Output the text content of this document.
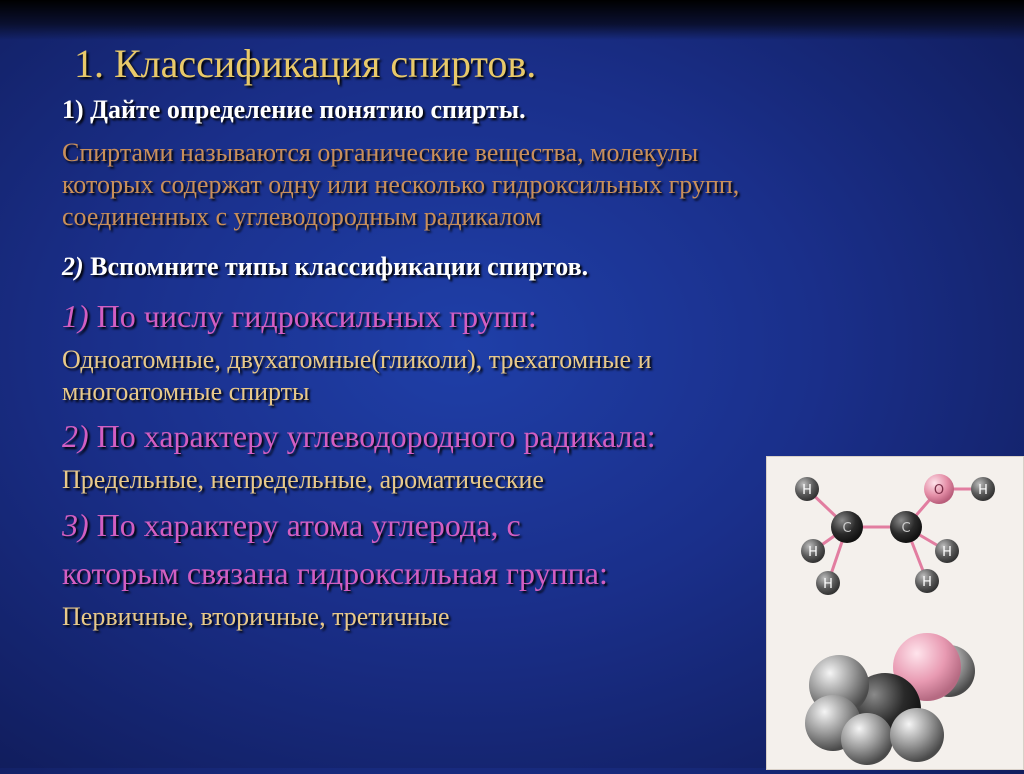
1. Классификация спиртов.
1) Дайте определение понятию спирты.
Спиртами называются органические вещества, молекулы
которых содержат одну или несколько гидроксильных групп,
соединенных с углеводородным радикалом
2) Вспомните типы классификации спиртов.
1) По числу гидроксильных групп:
Одноатомные, двухатомные(гликоли), трехатомные и
многоатомные спирты
2) По характеру углеводородного радикала:
Предельные, непредельные, ароматические
3) По характеру атома углерода, с
которым связана гидроксильная группа:
Первичные, вторичные, третичные
H
C	C
O	H
H
H
H
H
